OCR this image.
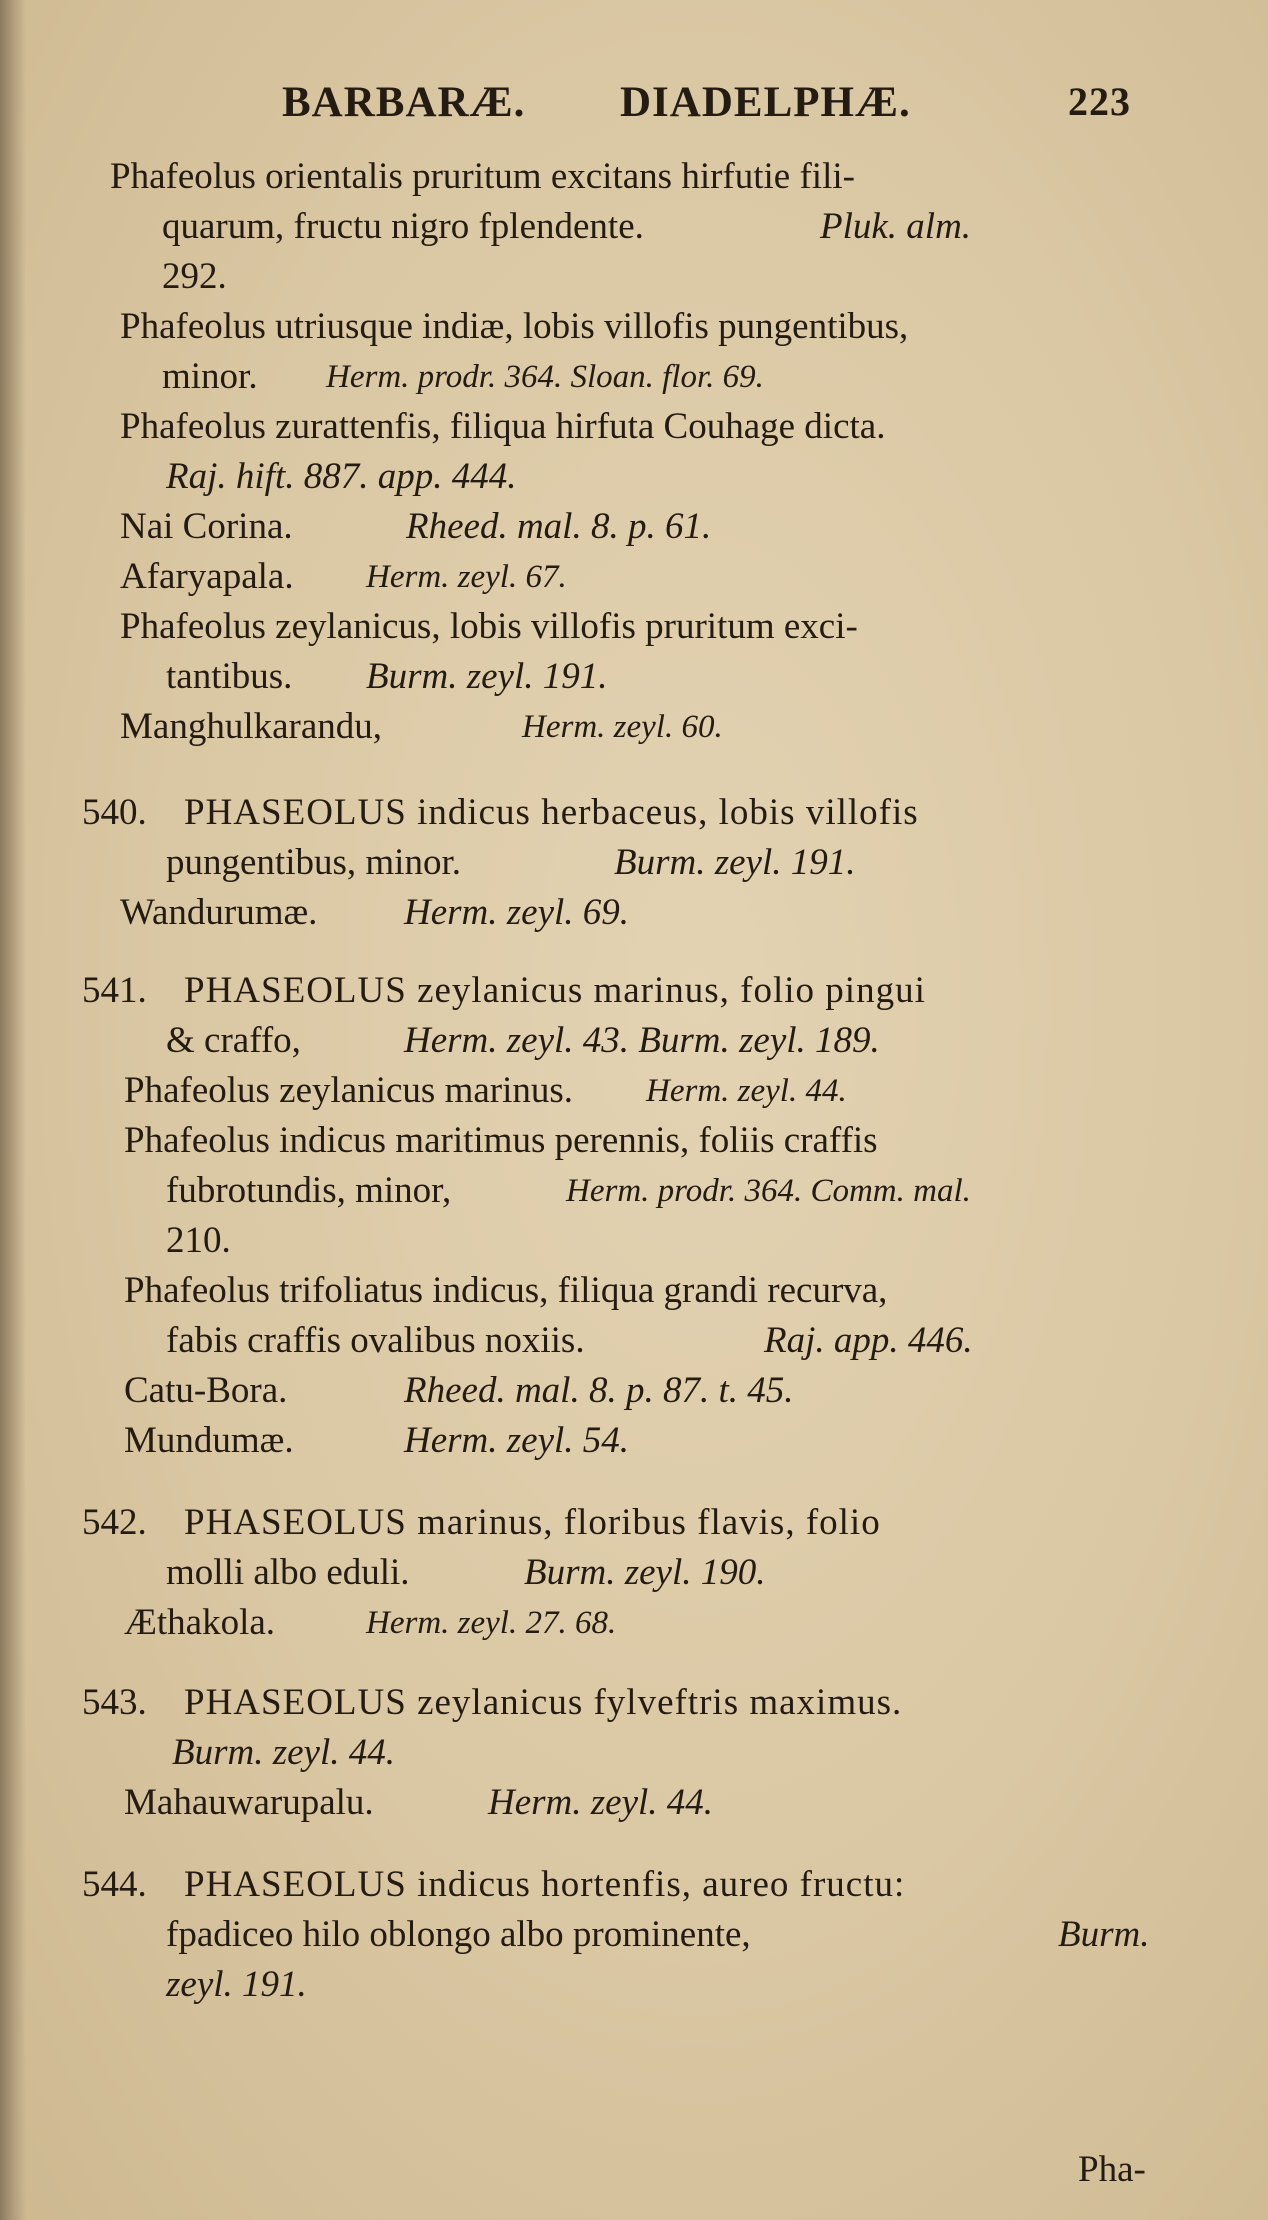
BARBARÆ. DIADELPHÆ.	223
Phafeolus orientalis pruritum excitans hirfutie fili-
quarum, fructu nigro fplendente.	Pluk. alm.
292.
Phafeolus utriusque indiæ, lobis villofis pungentibus,
minor. Herm. prodr. 364. Sloan. flor. 69.
Phafeolus zurattenfis, filiqua hirfuta Couhage dicta.
Raj. hift. 887. app. 444.
Nai Corina.	Rheed. mal. 8. p. 61.
Afaryapala. Herm. zeyl. 67.
Phafeolus zeylanicus, lobis villofis pruritum exci-
tantibus. Burm. zeyl. 191.
Manghulkarandu,	Herm. zeyl. 60.
540. PHASEOLUS indicus herbaceus, lobis villofis
pungentibus, minor.	Burm. zeyl. 191.
Wandurumæ. Herm. zeyl. 69.
541. PHASEOLUS zeylanicus marinus, folio pingui
& craffo,	Herm. zeyl. 43. Burm. zeyl. 189.
Phafeolus zeylanicus marinus. Herm. zeyl. 44.
Phafeolus indicus maritimus perennis, foliis craffis
fubrotundis, minor,	Herm. prodr. 364. Comm. mal.
210.
Phafeolus trifoliatus indicus, filiqua grandi recurva,
fabis craffis ovalibus noxiis.	Raj. app. 446.
Catu-Bora.	Rheed. mal. 8. p. 87. t. 45.
Mundumæ.	Herm. zeyl. 54.
542. PHASEOLUS marinus, floribus flavis, folio
molli albo eduli.	Burm. zeyl. 190.
Æthakola.	Herm. zeyl. 27. 68.
543. PHASEOLUS zeylanicus fylveftris maximus.
Burm. zeyl. 44.
Mahauwarupalu.	Herm. zeyl. 44.
544. PHASEOLUS indicus hortenfis, aureo fructu:
fpadiceo hilo oblongo albo prominente,	Burm.
zeyl. 191.
Pha-
